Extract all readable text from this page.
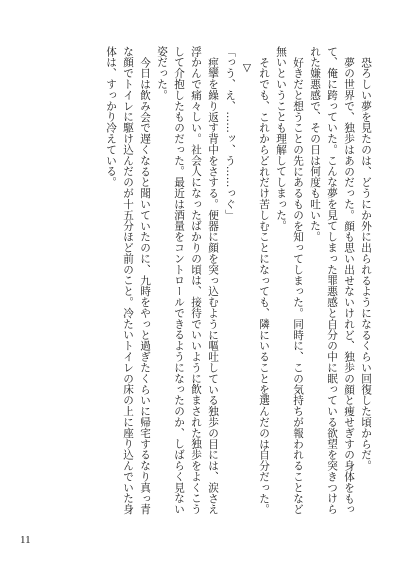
恐ろしい夢を見たのは、どうにか外に出られるようになるくらい回復した頃からだ。

夢の世界で、独歩はあのだった。顔も思い出せないけれど、独歩の顔と痩せぎすの身体をもって、俺に跨っていた。こんな夢を見てしまった罪悪感と自分の中に眠っている欲望を突きつけられた嫌悪感で、その日は何度も吐いた。

好きだと想うことの先にあるものを知ってしまった。同時に、この気持ちが報われることなど無いということも理解してしまった。

それでも、これからどれだけ苦しむことになっても、隣にいることを選んだのは自分だった。

▽

「っう、え、……ッ、う……っぐ」

痙攣を繰り返す背中をさする。便器に顔を突っ込むように嘔吐している独歩の目には、涙さえ浮かんで痛々しい。社会人になったばかりの頃は、接待でいいように飲まされた独歩をよくこうして介抱したものだった。最近は酒量をコントロールできるようになったのか、しばらく見ない姿だった。

今日は飲み会で遅くなると聞いていたのに、九時をやっと過ぎたくらいに帰宅するなり真っ青な顔でトイレに駆け込んだのが十五分ほど前のこと。冷たいトイレの床の上に座り込んでいた身体は、すっかり冷えている。

11
